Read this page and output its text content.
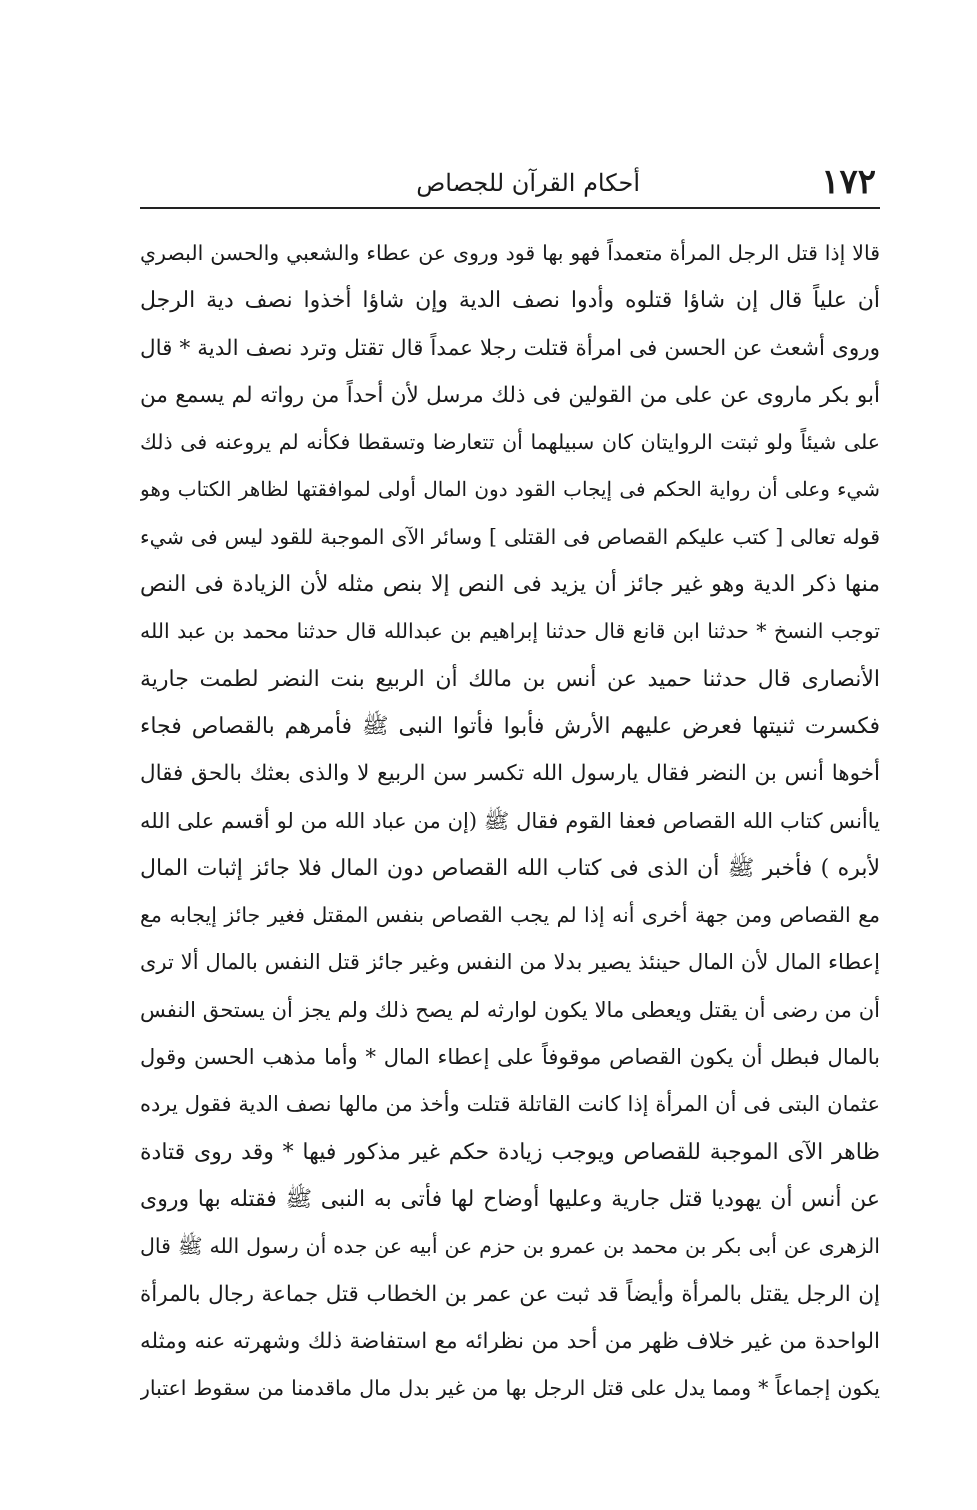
١٧٢
أحكام القرآن للجصاص
قالا إذا قتل الرجل المرأة متعمداً فهو بها قود وروى عن عطاء والشعبي والحسن البصري
أن علياً قال إن شاؤا قتلوه وأدوا نصف الدية وإن شاؤا أخذوا نصف دية الرجل
وروى أشعث عن الحسن فى امرأة قتلت رجلا عمداً قال تقتل وترد نصف الدية * قال
أبو بكر ماروى عن على من القولين فى ذلك مرسل لأن أحداً من رواته لم يسمع من
على شيئاً ولو ثبتت الروايتان كان سبيلهما أن تتعارضا وتسقطا فكأنه لم يروعنه فى ذلك
شيء وعلى أن رواية الحكم فى إيجاب القود دون المال أولى لموافقتها لظاهر الكتاب وهو
قوله تعالى [ كتب عليكم القصاص فى القتلى ] وسائر الآى الموجبة للقود ليس فى شيء
منها ذكر الدية وهو غير جائز أن يزيد فى النص إلا بنص مثله لأن الزيادة فى النص
توجب النسخ * حدثنا ابن قانع قال حدثنا إبراهيم بن عبدالله قال حدثنا محمد بن عبد الله
الأنصارى قال حدثنا حميد عن أنس بن مالك أن الربيع بنت النضر لطمت جارية
فكسرت ثنيتها فعرض عليهم الأرش فأبوا فأتوا النبى ﷺ فأمرهم بالقصاص فجاء
أخوها أنس بن النضر فقال يارسول الله تكسر سن الربيع لا والذى بعثك بالحق فقال
ياأنس كتاب الله القصاص فعفا القوم فقال ﷺ (إن من عباد الله من لو أقسم على الله
لأبره ) فأخبر ﷺ أن الذى فى كتاب الله القصاص دون المال فلا جائز إثبات المال
مع القصاص ومن جهة أخرى أنه إذا لم يجب القصاص بنفس المقتل فغير جائز إيجابه مع
إعطاء المال لأن المال حينئذ يصير بدلا من النفس وغير جائز قتل النفس بالمال ألا ترى
أن من رضى أن يقتل ويعطى مالا يكون لوارثه لم يصح ذلك ولم يجز أن يستحق النفس
بالمال فبطل أن يكون القصاص موقوفاً على إعطاء المال * وأما مذهب الحسن وقول
عثمان البتى فى أن المرأة إذا كانت القاتلة قتلت وأخذ من مالها نصف الدية فقول يرده
ظاهر الآى الموجبة للقصاص ويوجب زيادة حكم غير مذكور فيها * وقد روى قتادة
عن أنس أن يهوديا قتل جارية وعليها أوضاح لها فأتى به النبى ﷺ فقتله بها وروى
الزهرى عن أبى بكر بن محمد بن عمرو بن حزم عن أبيه عن جده أن رسول الله ﷺ قال
إن الرجل يقتل بالمرأة وأيضاً قد ثبت عن عمر بن الخطاب قتل جماعة رجال بالمرأة
الواحدة من غير خلاف ظهر من أحد من نظرائه مع استفاضة ذلك وشهرته عنه ومثله
يكون إجماعاً * ومما يدل على قتل الرجل بها من غير بدل مال ماقدمنا من سقوط اعتبار
